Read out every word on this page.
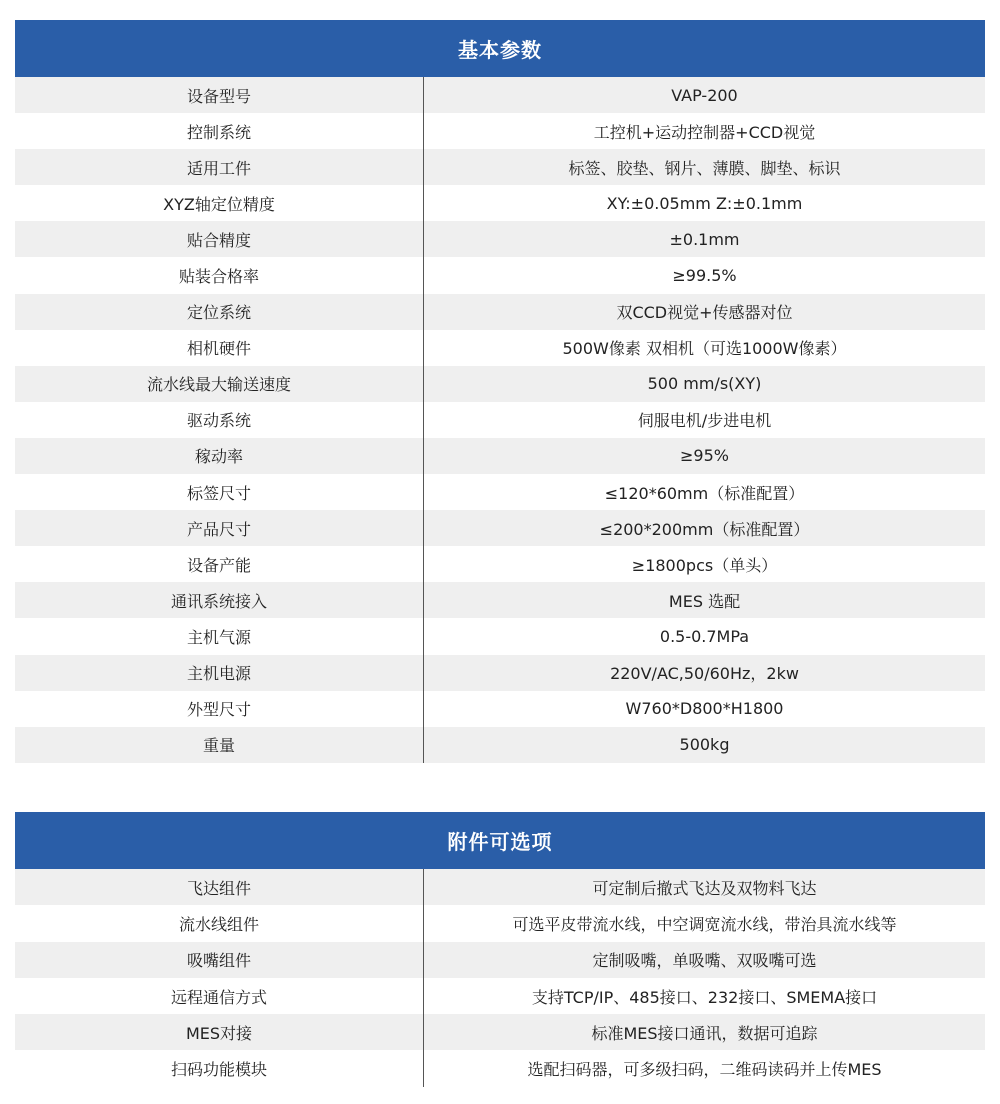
基本参数
设备型号	VAP-200
控制系统	工控机+运动控制器+CCD视觉
适用工件	标签、胶垫、钢片、薄膜、脚垫、标识
XYZ轴定位精度	XY:±0.05mm Z:±0.1mm
贴合精度	±0.1mm
贴装合格率	≥99.5%
定位系统	双CCD视觉+传感器对位
相机硬件	500W像素 双相机（可选1000W像素）
流水线最大输送速度	500 mm/s(XY)
驱动系统	伺服电机/步进电机
稼动率	≥95%
标签尺寸	≤120*60mm（标准配置）
产品尺寸	≤200*200mm（标准配置）
设备产能	≥1800pcs（单头）
通讯系统接入	MES 选配
主机气源	0.5-0.7MPa
主机电源	220V/AC,50/60Hz，2kw
外型尺寸	W760*D800*H1800
重量	500kg
附件可选项
飞达组件	可定制后撤式飞达及双物料飞达
流水线组件	可选平皮带流水线，中空调宽流水线，带治具流水线等
吸嘴组件	定制吸嘴，单吸嘴、双吸嘴可选
远程通信方式	支持TCP/IP、485接口、232接口、SMEMA接口
MES对接	标准MES接口通讯，数据可追踪
扫码功能模块	选配扫码器，可多级扫码，二维码读码并上传MES
